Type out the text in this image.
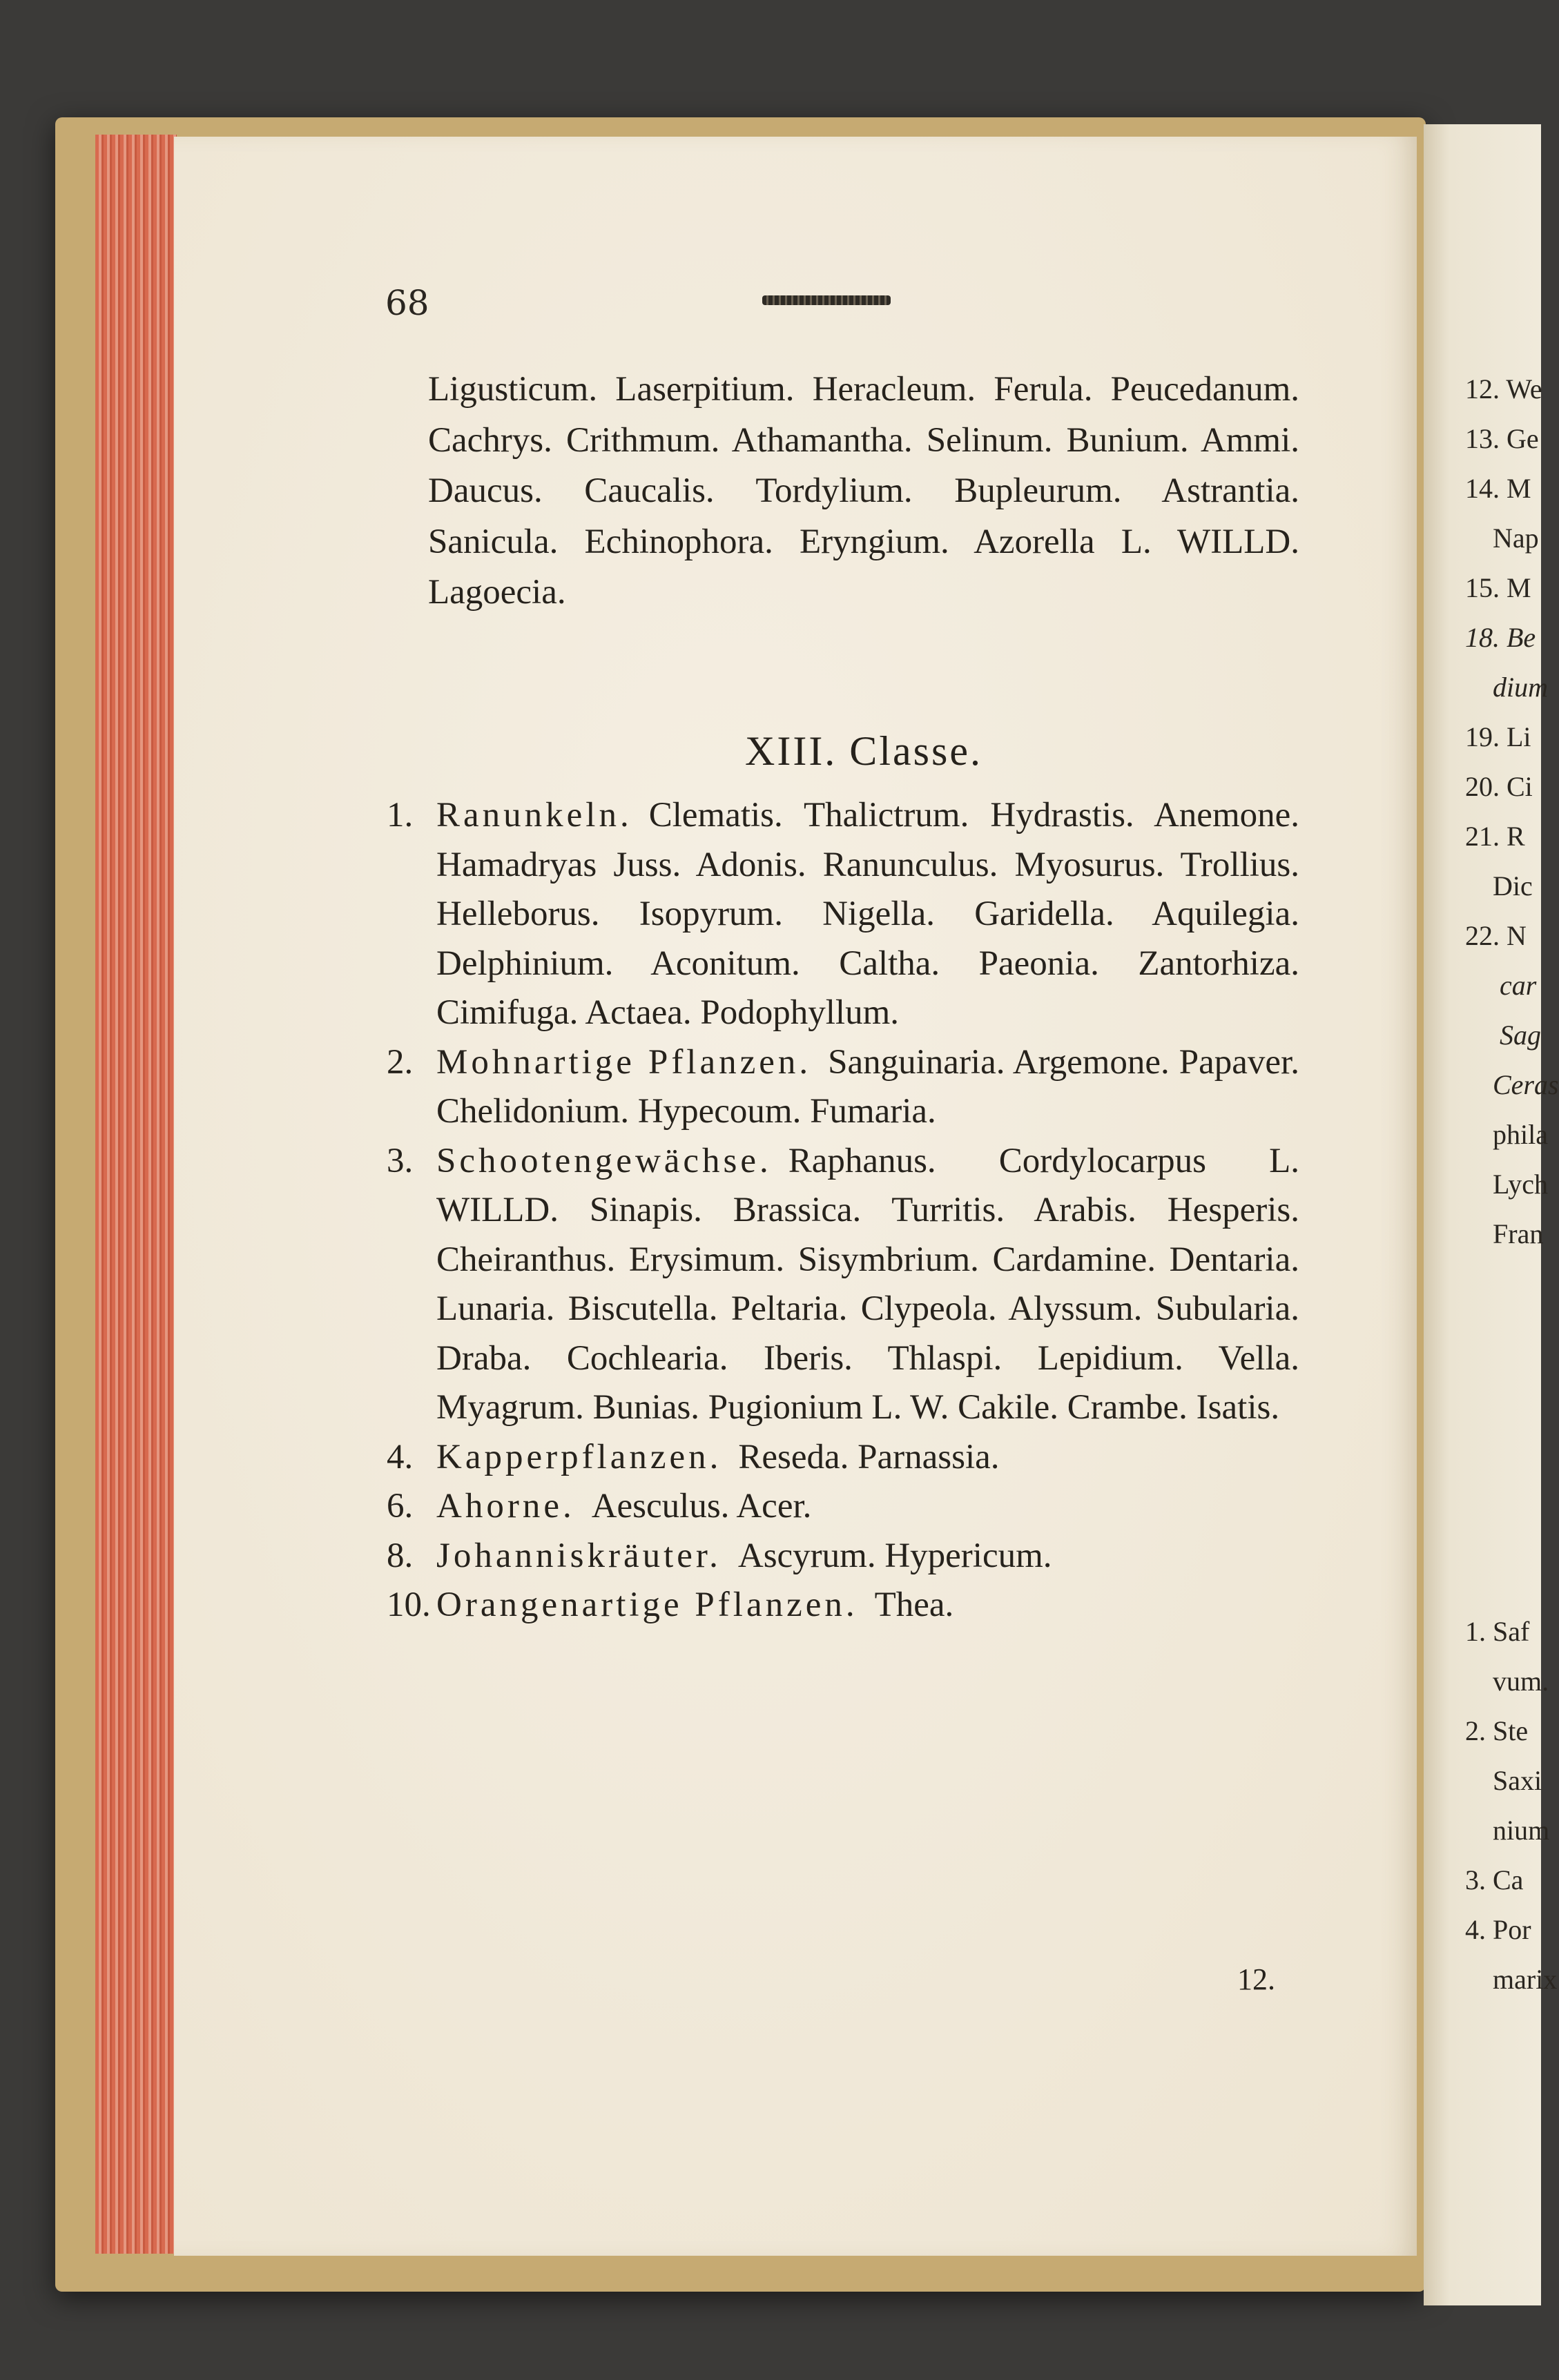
12. We
13. Ge
14. M
Nap
15. M
18. Be
dium
19. Li
20. Ci
21. R
Dic
22. N
car
Sag
Ceras
phila
Lych
Fran
1. Saf
vum.
2. Ste
Saxi
nium
3. Ca
4. Por
marix
68
Ligusticum. Laserpitium. Heracleum. Ferula. Peucedanum. Cachrys. Crithmum. Athamantha. Selinum. Bunium. Ammi. Daucus. Caucalis. Tordylium. Bupleurum. Astrantia. Sanicula. Echinophora. Eryngium. Azorella L. WILLD. Lagoecia.
XIII. Classe.
1. Ranunkeln. Clematis. Thalictrum. Hydrastis. Anemone. Hamadryas Juss. Adonis. Ranunculus. Myosurus. Trollius. Helleborus. Isopyrum. Nigella. Garidella. Aquilegia. Delphinium. Aconitum. Caltha. Paeonia. Zantorhiza. Cimifuga. Actaea. Podophyllum.
2. Mohnartige Pflanzen. Sanguinaria. Argemone. Papaver. Chelidonium. Hypecoum. Fumaria.
3. Schootengewächse. Raphanus. Cordylocarpus L. WILLD. Sinapis. Brassica. Turritis. Arabis. Hesperis. Cheiranthus. Erysimum. Sisymbrium. Cardamine. Dentaria. Lunaria. Biscutella. Peltaria. Clypeola. Alyssum. Subularia. Draba. Cochlearia. Iberis. Thlaspi. Lepidium. Vella. Myagrum. Bunias. Pugionium L. W. Cakile. Crambe. Isatis.
4. Kapperpflanzen. Reseda. Parnassia.
6. Ahorne. Aesculus. Acer.
8. Johanniskräuter. Ascyrum. Hypericum.
10. Orangenartige Pflanzen. Thea.
12.
